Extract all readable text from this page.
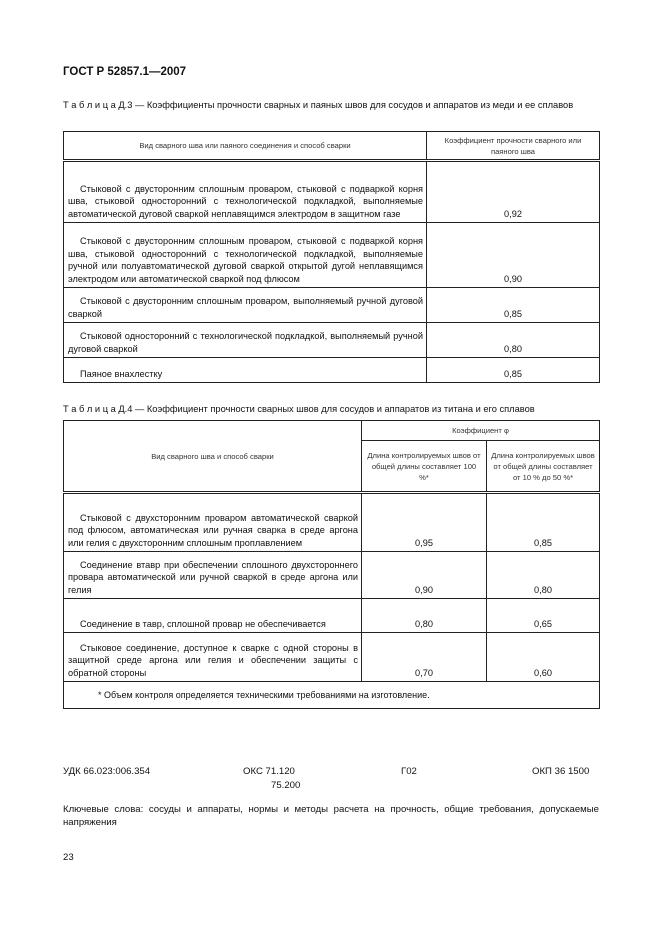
ГОСТ Р 52857.1—2007
Т а б л и ц а Д.3 — Коэффициенты прочности сварных и паяных швов для сосудов и аппаратов из меди и ее сплавов
Вид сварного шва или паяного соединения и способ сварки	Коэффициент прочности сварного или паяного шва
Стыковой с двусторонним сплошным проваром, стыковой с подваркой корня шва, стыковой односторонний с технологической подкладкой, выполняемые автоматической дуговой сваркой неплавящимся электродом в защитном газе	0,92
Стыковой с двусторонним сплошным проваром, стыковой с подваркой корня шва, стыковой односторонний с технологической подкладкой, выполняемые ручной или полуавтоматической дуговой сваркой открытой дугой неплавящимся электродом или автоматической сваркой под флюсом	0,90
Стыковой с двусторонним сплошным проваром, выполняемый ручной дуговой сваркой	0,85
Стыковой односторонний с технологической подкладкой, выполняемый ручной дуговой сваркой	0,80
Паяное внахлестку	0,85
Т а б л и ц а Д.4 — Коэффициент прочности сварных швов для сосудов и аппаратов из титана и его сплавов
Вид сварного шва и способ сварки	Коэффициент φ	
	Длина контролируемых швов от общей длины составляет 100 %*	Длина контролируемых швов от общей длины составляет от 10 % до 50 %*
Стыковой с двухсторонним проваром автоматической сваркой под флюсом, автоматическая или ручная сварка в среде аргона или гелия с двухсторонним сплошным проплавлением	0,95	0,85
Соединение втавр при обеспечении сплошного двухстороннего провара автоматической или ручной сваркой в среде аргона или гелия	0,90	0,80
Соединение в тавр, сплошной провар не обеспечивается	0,80	0,65
Стыковое соединение, доступное к сварке с одной стороны в защитной среде аргона или гелия и обеспечении защиты с обратной стороны	0,70	0,60
* Объем контроля определяется техническими требованиями на изготовление.		
УДК 66.023:006.354	ОКС 71.120
75.200
Г02	ОКП 36 1500
Ключевые слова: сосуды и аппараты, нормы и методы расчета на прочность, общие требования, допускаемые напряжения
23
